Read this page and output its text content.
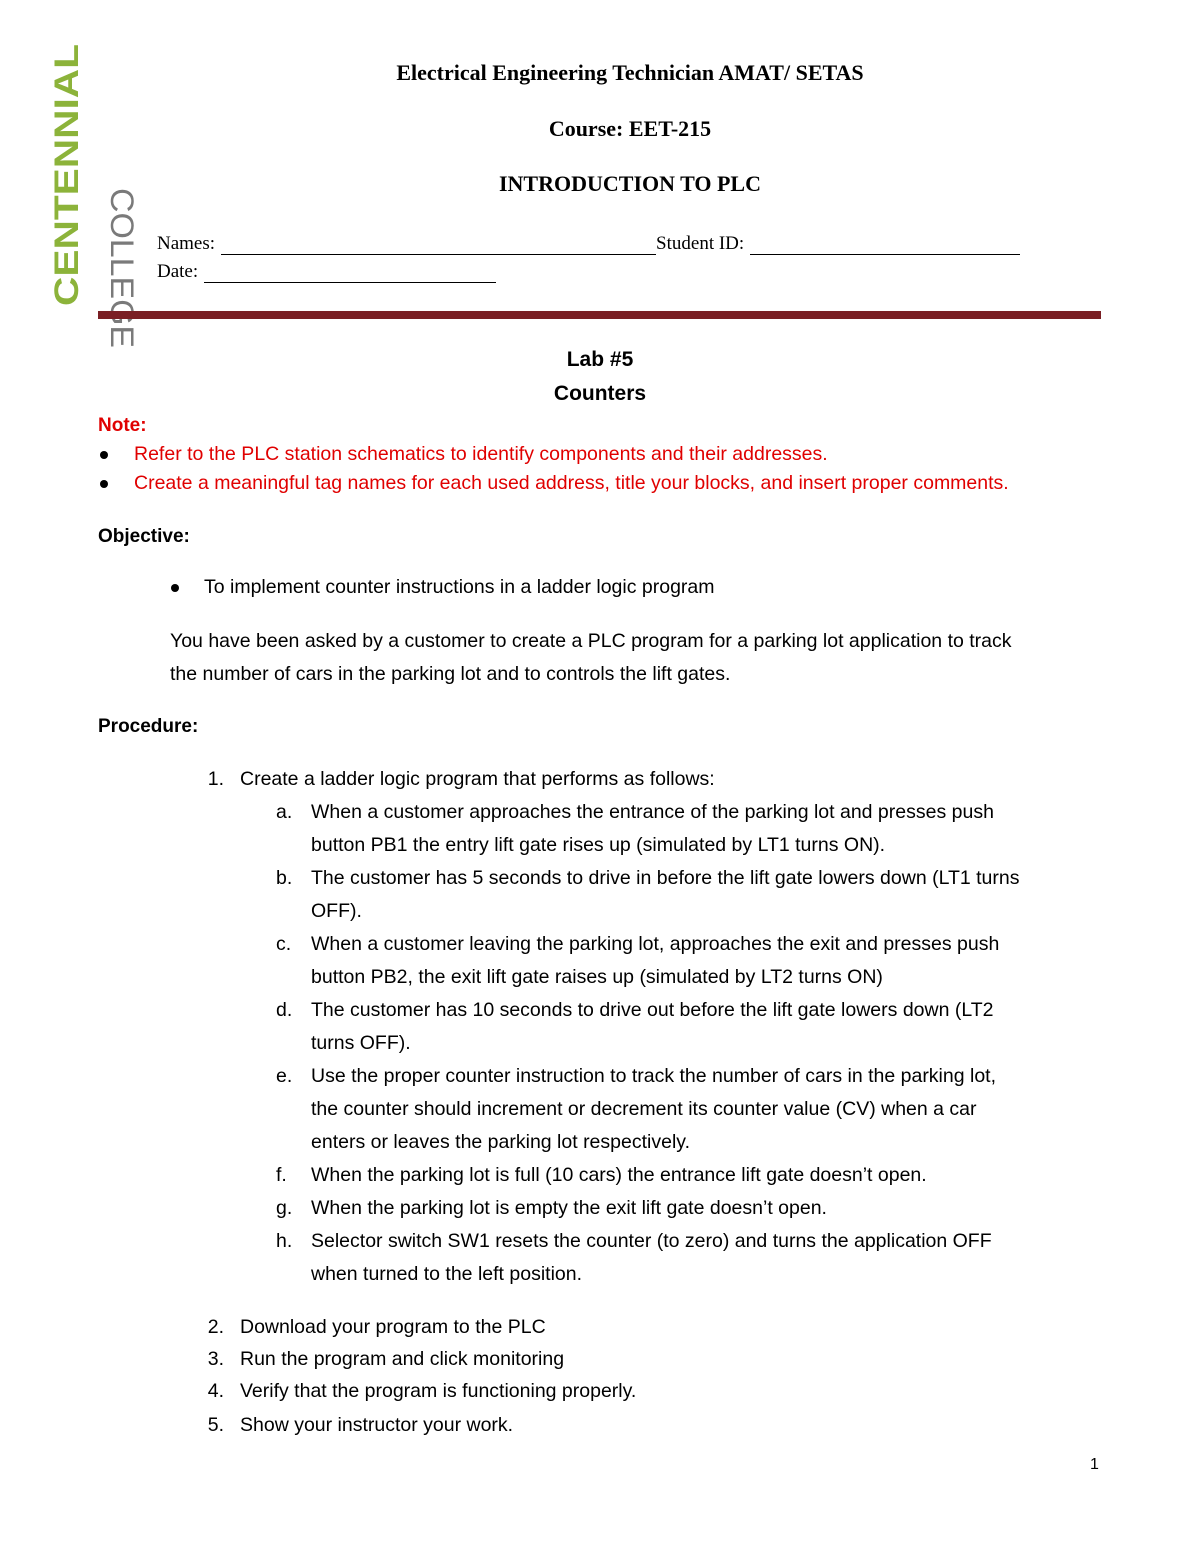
CENTENNIAL COLLEGE
Electrical Engineering Technician AMAT/ SETAS
Course: EET-215
INTRODUCTION TO PLC
Names:	Student ID:
Date:
Lab #5
Counters
Note:
Refer to the PLC station schematics to identify components and their addresses.
Create a meaningful tag names for each used address, title your blocks, and insert proper comments.
Objective:
To implement counter instructions in a ladder logic program
You have been asked by a customer to create a PLC program for a parking lot application to track
the number of cars in the parking lot and to controls the lift gates.
Procedure:
1. Create a ladder logic program that performs as follows:
a. When a customer approaches the entrance of the parking lot and presses push
button PB1 the entry lift gate rises up (simulated by LT1 turns ON).
b. The customer has 5 seconds to drive in before the lift gate lowers down (LT1 turns
OFF).
c.	When a customer leaving the parking lot, approaches the exit and presses push
button PB2, the exit lift gate raises up (simulated by LT2 turns ON)
d. The customer has 10 seconds to drive out before the lift gate lowers down (LT2
turns OFF).
e. Use the proper counter instruction to track the number of cars in the parking lot,
the counter should increment or decrement its counter value (CV) when a car
enters or leaves the parking lot respectively.
f.	When the parking lot is full (10 cars) the entrance lift gate doesn’t open.
g. When the parking lot is empty the exit lift gate doesn’t open.
h. Selector switch SW1 resets the counter (to zero) and turns the application OFF
when turned to the left position.
2. Download your program to the PLC
3. Run the program and click monitoring
4. Verify that the program is functioning properly.
5. Show your instructor your work.
1
